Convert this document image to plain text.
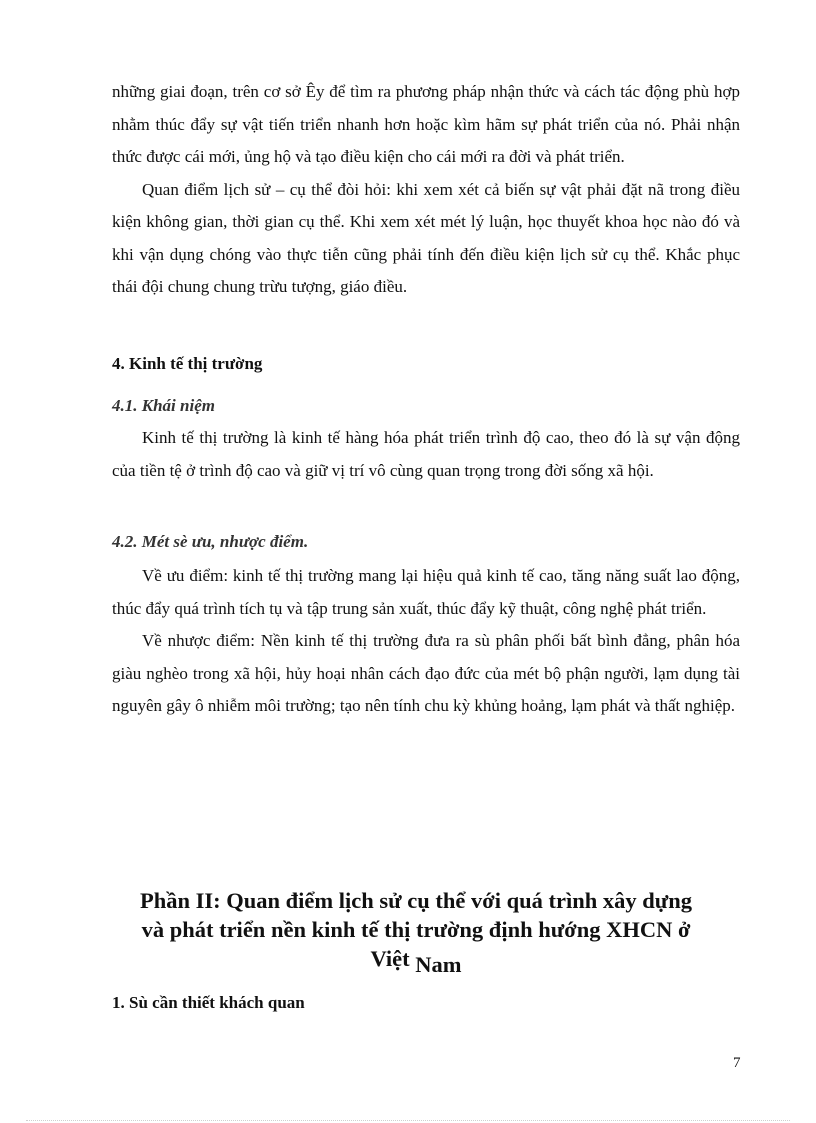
những giai đoạn, trên cơ sở Êy để tìm ra phương pháp nhận thức và cách tác động phù hợp nhằm thúc đẩy sự vật tiến triển nhanh hơn hoặc kìm hãm sự phát triển của nó. Phải nhận thức được cái mới, ủng hộ và tạo điều kiện cho cái mới ra đời và phát triển.

Quan điểm lịch sử – cụ thể đòi hỏi: khi xem xét cả biến sự vật phải đặt nã trong điều kiện không gian, thời gian cụ thể. Khi xem xét mét lý luận, học thuyết khoa học nào đó và khi vận dụng chóng vào thực tiễn cũng phải tính đến điều kiện lịch sử cụ thể. Khắc phục thái đội chung chung trừu tượng, giáo điều.

4. Kinh tế thị trường
4.1. Khái niệm

Kinh tế thị trường là kinh tế hàng hóa phát triển trình độ cao, theo đó là sự vận động của tiền tệ ở trình độ cao và giữ vị trí vô cùng quan trọng trong đời sống xã hội.

4.2. Mét sè ưu, nhược điểm.

Về ưu điểm: kinh tế thị trường mang lại hiệu quả kinh tế cao, tăng năng suất lao động, thúc đẩy quá trình tích tụ và tập trung sản xuất, thúc đẩy kỹ thuật, công nghệ phát triển.

Về nhược điểm: Nền kinh tế thị trường đưa ra sù phân phối bất bình đẳng, phân hóa giàu nghèo trong xã hội, hủy hoại nhân cách đạo đức của mét bộ phận người, lạm dụng tài nguyên gây ô nhiễm môi trường; tạo nên tính chu kỳ khủng hoảng, lạm phát và thất nghiệp.

Phần II: Quan điểm lịch sử cụ thể với quá trình xây dựng
và phát triển nền kinh tế thị trường định hướng XHCN ở
Việt Nam
1. Sù cần thiết khách quan
7
